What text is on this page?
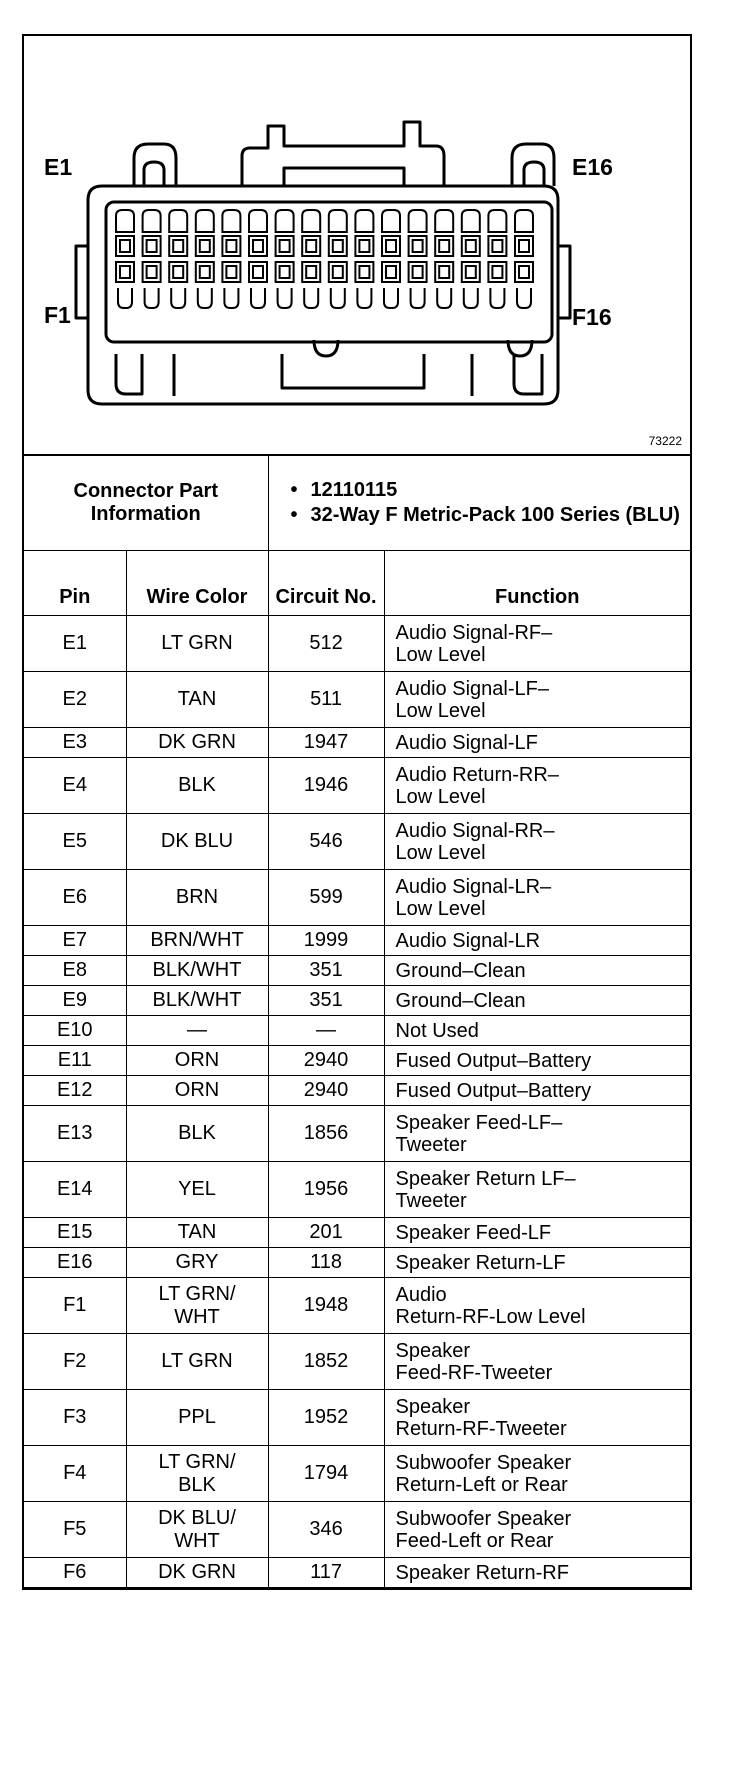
E1	E16
F1	F16
73222
Connector Part Information		• 12110115
• 32-Way F Metric-Pack 100 Series (BLU)	

Pin	Wire Color	Circuit No.	Function
E1	LT GRN	512	Audio Signal-RF–
Low Level
E2	TAN	511	Audio Signal-LF–
Low Level
E3	DK GRN	1947	Audio Signal-LF
E4	BLK	1946	Audio Return-RR–
Low Level
E5	DK BLU	546	Audio Signal-RR–
Low Level
E6	BRN	599	Audio Signal-LR–
Low Level
E7	BRN/WHT	1999	Audio Signal-LR
E8	BLK/WHT	351	Ground–Clean
E9	BLK/WHT	351	Ground–Clean
E10	—	—	Not Used
E11	ORN	2940	Fused Output–Battery
E12	ORN	2940	Fused Output–Battery
E13	BLK	1856	Speaker Feed-LF–
Tweeter
E14	YEL	1956	Speaker Return LF–
Tweeter
E15	TAN	201	Speaker Feed-LF
E16	GRY	118	Speaker Return-LF
F1	LT GRN/
WHT	1948	Audio
Return-RF-Low Level
F2	LT GRN	1852	Speaker
Feed-RF-Tweeter
F3	PPL	1952	Speaker
Return-RF-Tweeter
F4	LT GRN/
BLK	1794	Subwoofer Speaker
Return-Left or Rear
F5	DK BLU/
WHT	346	Subwoofer Speaker
Feed-Left or Rear
F6	DK GRN	117	Speaker Return-RF
